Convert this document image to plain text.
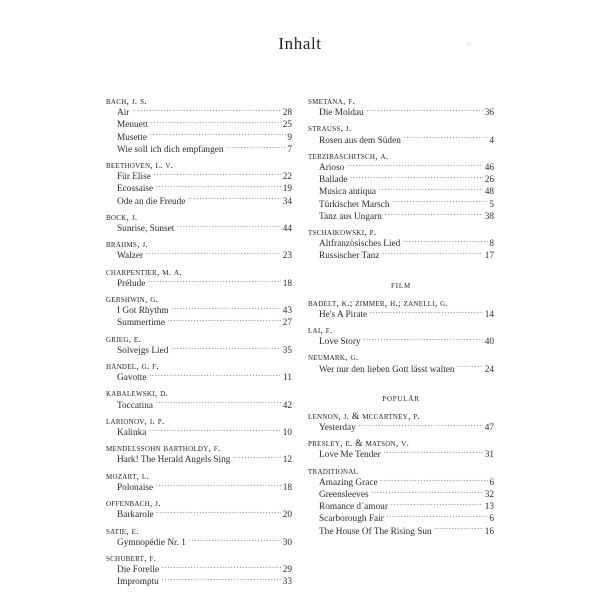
Inhalt
bach, j. s.
Air .....	28
Menuett .....	25
Musette .....	9
Wie soll ich dich empfangen .....	7
beethoven, l. v.
Für Elise .....	22
Ecossaise .....	19
Ode an die Freude .....	34
bock, j.
Sunrise, Sunset .....	44
brahms, j.
Walzer .....	23
charpentier, m. a.
Prélude .....	18
gershwin, g.
I Got Rhythm .....	43
Summertime .....	27
grieg, e.
Solvejgs Lied .....	35
händel, g. f.
Gavotte .....	11
kabalewski, d.
Toccatina .....	42
larionov, i. p.
Kalinka .....	10
mendelssohn bartholdy, f.
Hark! The Herald Angels Sing .....	12
mozart, l.
Polonaise .....	18
offenbach, j.
Barkarole .....	20
satie, e.
Gymnopédie Nr. 1 .....	30
schubert, f.
Die Forelle .....	29
Impromptu .....	33
smetana, f.
Die Moldau .....	36
strauss, j.
Rosen aus dem Süden .....	4
terzibaschitsch, a.
Arioso .....	46
Ballade .....	26
Musica antiqua .....	48
Türkischer Marsch .....	5
Tanz aus Ungarn .....	38
tschaikowski, p.
Altfranzösisches Lied .....	8
Russischer Tanz .....	17
film
badelt, k.; zimmer, h.; zanelli, g.
He's A Pirate .....	14
lai, f.
Love Story .....	40
neumark, g.
Wer nur den lieben Gott lässt walten .....	24
populär
lennon, j. & mccartney, p.
Yesterday .....	47
presley, e. & matson, v.
Love Me Tender .....	31
traditional
Amazing Grace .....	6
Greensleeves .....	32
Romance d´amour .....	13
Scarborough Fair .....	6
The House Of The Rising Sun .....	16
